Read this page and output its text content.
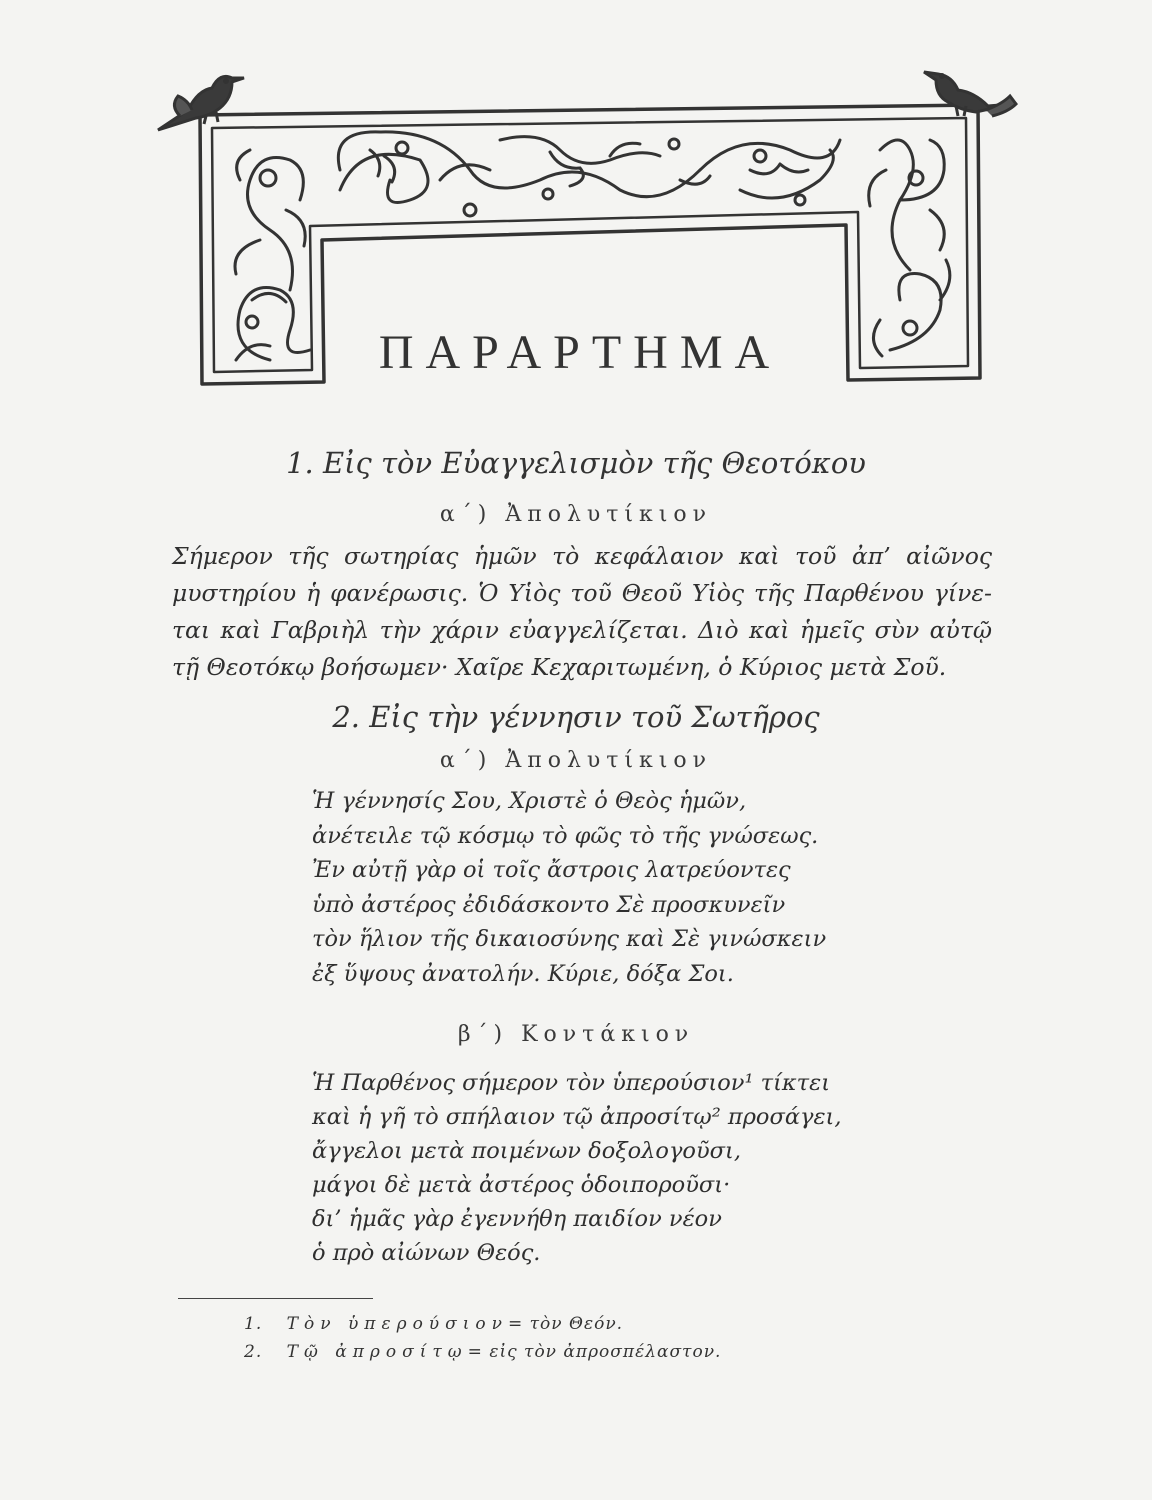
ΠΑΡΑΡΤΗΜΑ
1. Εἰς τὸν Εὐαγγελισμὸν τῆς Θεοτόκου
α΄) Ἀπολυτίκιον
Σήμερον τῆς σωτηρίας ἡμῶν τὸ κεφάλαιον καὶ τοῦ ἀπ’ αἰῶνος
μυστηρίου ἡ φανέρωσις. Ὁ Υἱὸς τοῦ Θεοῦ Υἱὸς τῆς Παρθένου γίνε-
ται καὶ Γαβριὴλ τὴν χάριν εὐαγγελίζεται. Διὸ καὶ ἡμεῖς σὺν αὐτῷ
τῇ Θεοτόκῳ βοήσωμεν· Χαῖρε Κεχαριτωμένη, ὁ Κύριος μετὰ Σοῦ.
2. Εἰς τὴν γέννησιν τοῦ Σωτῆρος
α΄) Ἀπολυτίκιον
Ἡ γέννησίς Σου, Χριστὲ ὁ Θεὸς ἡμῶν,
ἀνέτειλε τῷ κόσμῳ τὸ φῶς τὸ τῆς γνώσεως.
Ἐν αὐτῇ γὰρ οἱ τοῖς ἄστροις λατρεύοντες
ὑπὸ ἀστέρος ἐδιδάσκοντο Σὲ προσκυνεῖν
τὸν ἥλιον τῆς δικαιοσύνης καὶ Σὲ γινώσκειν
ἐξ ὕψους ἀνατολήν. Κύριε, δόξα Σοι.
β΄) Κοντάκιον
Ἡ Παρθένος σήμερον τὸν ὑπερούσιον¹ τίκτει
καὶ ἡ γῆ τὸ σπήλαιον τῷ ἀπροσίτῳ² προσάγει,
ἄγγελοι μετὰ ποιμένων δοξολογοῦσι,
μάγοι δὲ μετὰ ἀστέρος ὁδοιποροῦσι·
δι’ ἡμᾶς γὰρ ἐγεννήθη παιδίον νέον
ὁ πρὸ αἰώνων Θεός.
1. Τὸν ὑπερούσιον= τὸν Θεόν.
2. Τῷ ἀπροσίτῳ= εἰς τὸν ἀπροσπέλαστον.
